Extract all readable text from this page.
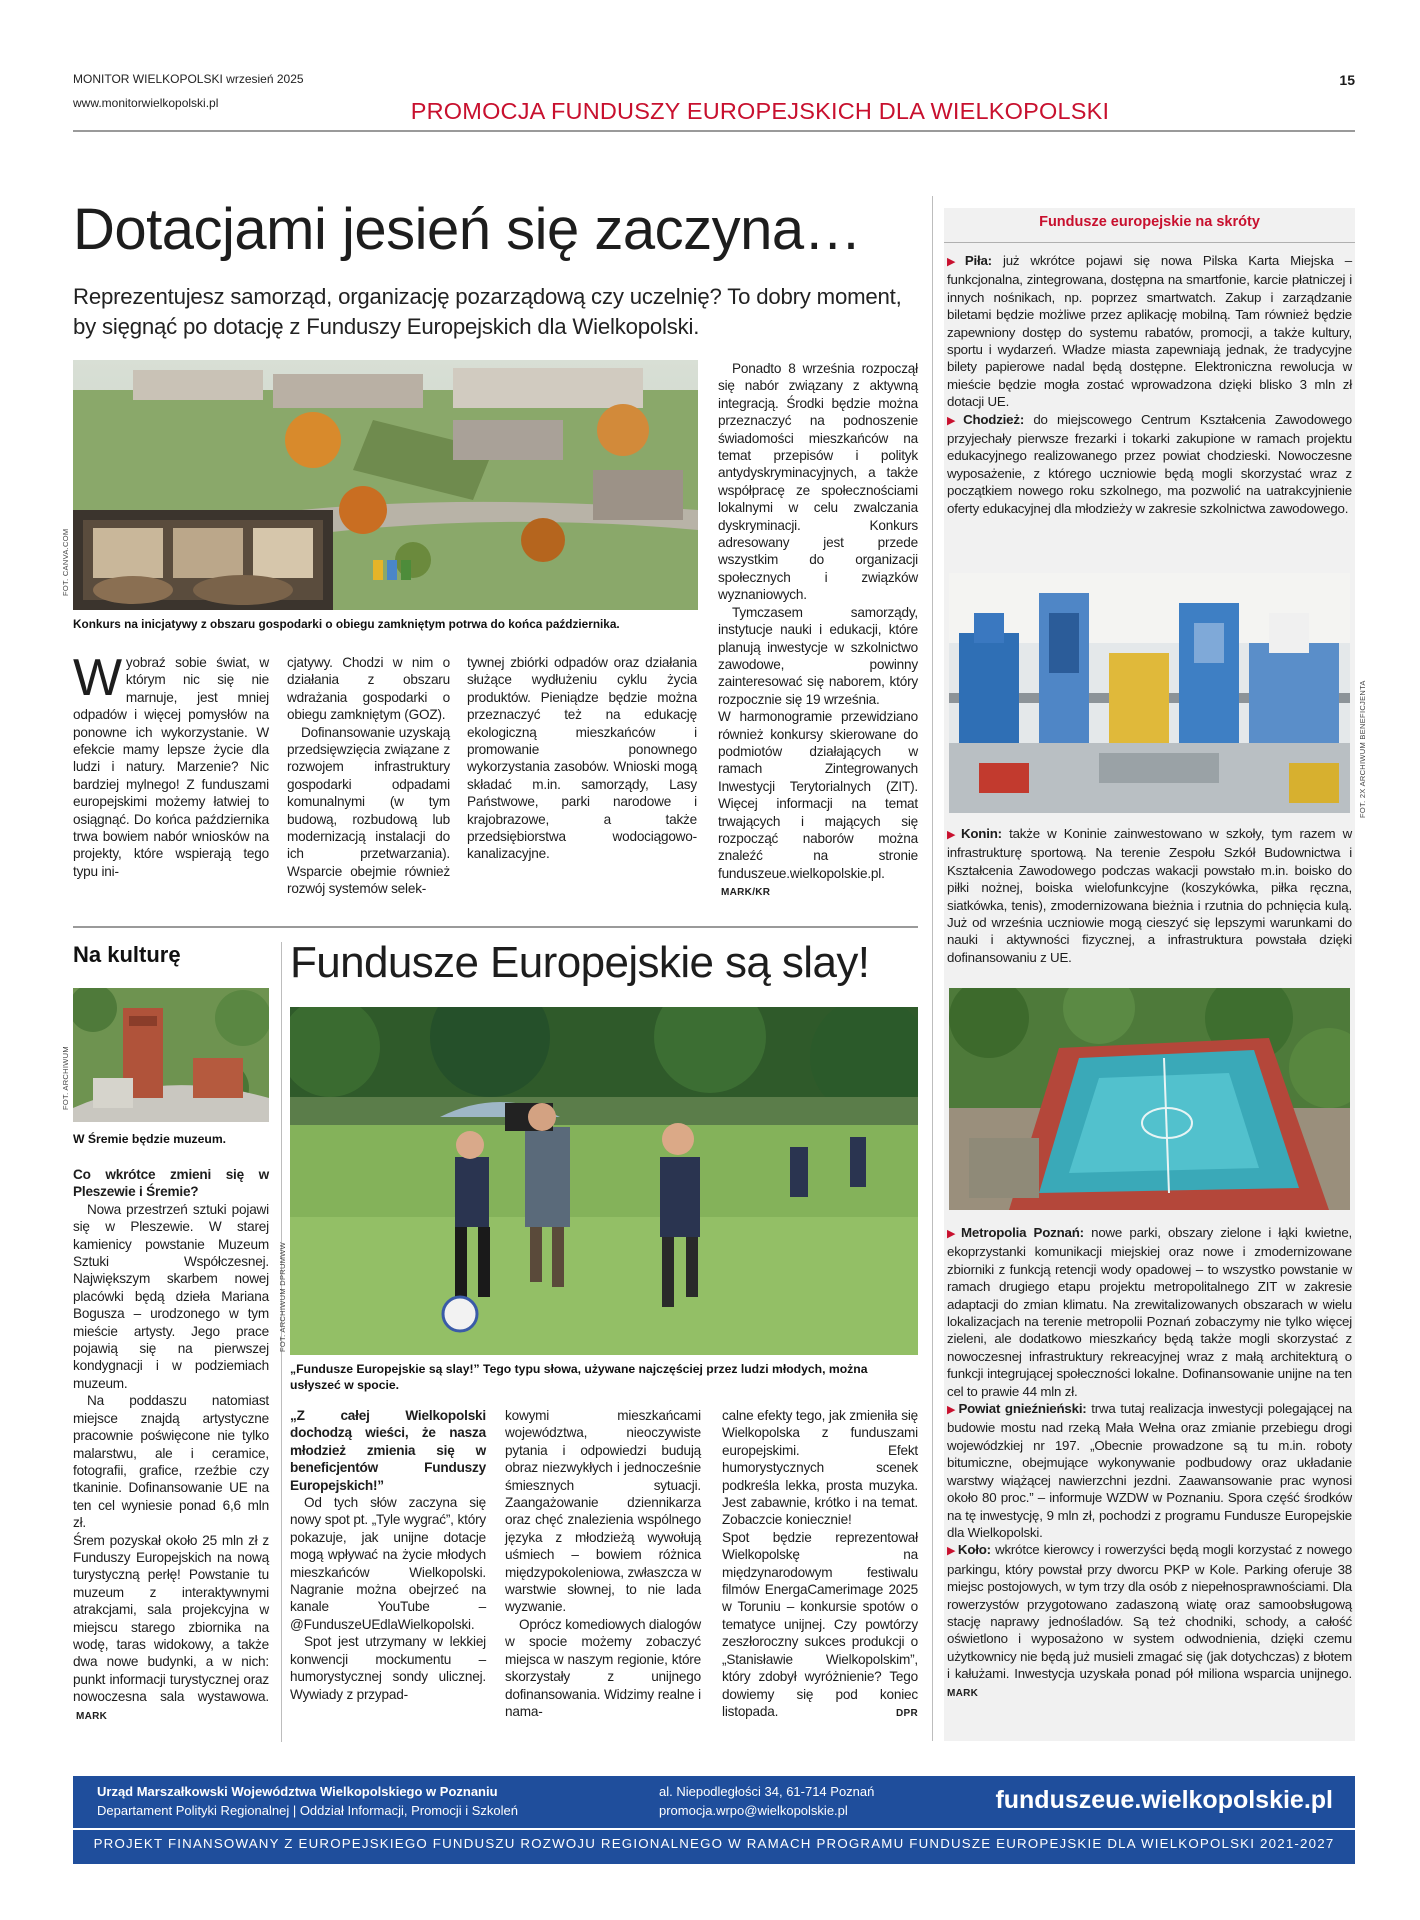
MONITOR WIELKOPOLSKI wrzesień 2025
www.monitorwielkopolski.pl	PROMOCJA FUNDUSZY EUROPEJSKICH DLA WIELKOPOLSKI
15
Dotacjami jesień się zaczyna…
Reprezentujesz samorząd, organizację pozarządową czy uczelnię? To dobry moment, by sięgnąć po dotację z Funduszy Europejskich dla Wielkopolski.
FOT. CANVA.COM
Konkurs na inicjatywy z obszaru gospodarki o obiegu zamkniętym potrwa do końca października.

Wyobraź sobie świat, w którym nic się nie marnuje, jest mniej odpadów i więcej pomysłów na ponowne ich wykorzystanie. W efekcie mamy lepsze życie dla ludzi i natury. Marzenie? Nic bardziej mylnego! Z funduszami europejskimi możemy łatwiej to osiągnąć. Do końca października trwa bowiem nabór wniosków na projekty, które wspierają tego typu ini-

cjatywy. Chodzi w nim o działania z obszaru wdrażania gospodarki o obiegu zamkniętym (GOZ).

Dofinansowanie uzyskają przedsięwzięcia związane z rozwojem infrastruktury gospodarki odpadami komunalnymi (w tym budową, rozbudową lub modernizacją instalacji do ich przetwarzania). Wsparcie obejmie również rozwój systemów selek-

tywnej zbiórki odpadów oraz działania służące wydłużeniu cyklu życia produktów. Pieniądze będzie można przeznaczyć też na edukację ekologiczną mieszkańców i promowanie ponownego wykorzystania zasobów. Wnioski mogą składać m.in. samorządy, Lasy Państwowe, parki narodowe i krajobrazowe, a także przedsiębiorstwa wodociągowo-kanalizacyjne.

Ponadto 8 września rozpoczął się nabór związany z aktywną integracją. Środki będzie można przeznaczyć na podnoszenie świadomości mieszkańców na temat przepisów i polityk antydyskryminacyjnych, a także współpracę ze społecznościami lokalnymi w celu zwalczania dyskryminacji. Konkurs adresowany jest przede wszystkim do organizacji społecznych i związków wyznaniowych.

Tymczasem samorządy, instytucje nauki i edukacji, które planują inwestycje w szkolnictwo zawodowe, powinny zainteresować się naborem, który rozpocznie się 19 września.

W harmonogramie przewidziano również konkursy skierowane do podmiotów działających w ramach Zintegrowanych Inwestycji Terytorialnych (ZIT). Więcej informacji na temat trwających i mających się rozpocząć naborów można znaleźć na stronie funduszeue.wielkopolskie.pl.

MARK/KR
Fundusze europejskie na skróty

▶ Piła: już wkrótce pojawi się nowa Pilska Karta Miejska – funkcjonalna, zintegrowana, dostępna na smartfonie, karcie płatniczej i innych nośnikach, np. poprzez smartwatch. Zakup i zarządzanie biletami będzie możliwe przez aplikację mobilną. Tam również będzie zapewniony dostęp do systemu rabatów, promocji, a także kultury, sportu i wydarzeń. Władze miasta zapewniają jednak, że tradycyjne bilety papierowe nadal będą dostępne. Elektroniczna rewolucja w mieście będzie mogła zostać wprowadzona dzięki blisko 3 mln zł dotacji UE.

▶ Chodzież: do miejscowego Centrum Kształcenia Zawodowego przyjechały pierwsze frezarki i tokarki zakupione w ramach projektu edukacyjnego realizowanego przez powiat chodzieski. Nowoczesne wyposażenie, z którego uczniowie będą mogli skorzystać wraz z początkiem nowego roku szkolnego, ma pozwolić na uatrakcyjnienie oferty edukacyjnej dla młodzieży w zakresie szkolnictwa zawodowego.

FOT. 2X ARCHIWUM BENEFICJENTA

▶ Konin: także w Koninie zainwestowano w szkoły, tym razem w infrastrukturę sportową. Na terenie Zespołu Szkół Budownictwa i Kształcenia Zawodowego podczas wakacji powstało m.in. boisko do piłki nożnej, boiska wielofunkcyjne (koszykówka, piłka ręczna, siatkówka, tenis), zmodernizowana bieżnia i rzutnia do pchnięcia kulą. Już od września uczniowie mogą cieszyć się lepszymi warunkami do nauki i aktywności fizycznej, a infrastruktura powstała dzięki dofinansowaniu z UE.

▶ Metropolia Poznań: nowe parki, obszary zielone i łąki kwietne, ekoprzystanki komunikacji miejskiej oraz nowe i zmodernizowane zbiorniki z funkcją retencji wody opadowej – to wszystko powstanie w ramach drugiego etapu projektu metropolitalnego ZIT w zakresie adaptacji do zmian klimatu. Na zrewitalizowanych obszarach w wielu lokalizacjach na terenie metropolii Poznań zobaczymy nie tylko więcej zieleni, ale dodatkowo mieszkańcy będą także mogli skorzystać z nowoczesnej infrastruktury rekreacyjnej wraz z małą architekturą o funkcji integrującej społeczności lokalne. Dofinansowanie unijne na ten cel to prawie 44 mln zł.

▶ Powiat gnieźnieński: trwa tutaj realizacja inwestycji polegającej na budowie mostu nad rzeką Mała Wełna oraz zmianie przebiegu drogi wojewódzkiej nr 197. „Obecnie prowadzone są tu m.in. roboty bitumiczne, obejmujące wykonywanie podbudowy oraz układanie warstwy wiążącej nawierzchni jezdni. Zaawansowanie prac wynosi około 80 proc.” – informuje WZDW w Poznaniu. Spora część środków na tę inwestycję, 9 mln zł, pochodzi z programu Fundusze Europejskie dla Wielkopolski.

▶ Koło: wkrótce kierowcy i rowerzyści będą mogli korzystać z nowego parkingu, który powstał przy dworcu PKP w Kole. Parking oferuje 38 miejsc postojowych, w tym trzy dla osób z niepełnosprawnościami. Dla rowerzystów przygotowano zadaszoną wiatę oraz samoobsługową stację naprawy jednośladów. Są też chodniki, schody, a całość oświetlono i wyposażono w system odwodnienia, dzięki czemu użytkownicy nie będą już musieli zmagać się (jak dotychczas) z błotem i kałużami. Inwestycja uzyskała ponad pół miliona wsparcia unijnego. MARK

Na kulturę
FOT. ARCHIWUM
W Śremie będzie muzeum.

Co wkrótce zmieni się w Pleszewie i Śremie?

Nowa przestrzeń sztuki pojawi się w Pleszewie. W starej kamienicy powstanie Muzeum Sztuki Współczesnej. Największym skarbem nowej placówki będą dzieła Mariana Bogusza – urodzonego w tym mieście artysty. Jego prace pojawią się na pierwszej kondygnacji i w podziemiach muzeum.

Na poddaszu natomiast miejsce znajdą artystyczne pracownie poświęcone nie tylko malarstwu, ale i ceramice, fotografii, grafice, rzeźbie czy tkaninie. Dofinansowanie UE na ten cel wyniesie ponad 6,6 mln zł.

Śrem pozyskał około 25 mln zł z Funduszy Europejskich na nową turystyczną perłę! Powstanie tu muzeum z interaktywnymi atrakcjami, sala projekcyjna w miejscu starego zbiornika na wodę, taras widokowy, a także dwa nowe budynki, a w nich: punkt informacji turystycznej oraz nowoczesna sala wystawowa.

MARK
Fundusze Europejskie są slay!
FOT. ARCHIWUM DPRUMWW
„Fundusze Europejskie są slay!” Tego typu słowa, używane najczęściej przez ludzi młodych, można usłyszeć w spocie.

„Z całej Wielkopolski dochodzą wieści, że nasza młodzież zmienia się w beneficjentów Funduszy Europejskich!”

Od tych słów zaczyna się nowy spot pt. „Tyle wygrać”, który pokazuje, jak unijne dotacje mogą wpływać na życie młodych mieszkańców Wielkopolski. Nagranie można obejrzeć na kanale YouTube – @FunduszeUEdlaWielkopolski.

Spot jest utrzymany w lekkiej konwencji mockumentu – humorystycznej sondy ulicznej. Wywiady z przypad-

kowymi mieszkańcami województwa, nieoczywiste pytania i odpowiedzi budują obraz niezwykłych i jednocześnie śmiesznych sytuacji. Zaangażowanie dziennikarza oraz chęć znalezienia wspólnego języka z młodzieżą wywołują uśmiech – bowiem różnica międzypokoleniowa, zwłaszcza w warstwie słownej, to nie lada wyzwanie.

Oprócz komediowych dialogów w spocie możemy zobaczyć miejsca w naszym regionie, które skorzystały z unijnego dofinansowania. Widzimy realne i nama-

calne efekty tego, jak zmieniła się Wielkopolska z funduszami europejskimi. Efekt humorystycznych scenek podkreśla lekka, prosta muzyka. Jest zabawnie, krótko i na temat. Zobaczcie koniecznie!

Spot będzie reprezentował Wielkopolskę na międzynarodowym festiwalu filmów EnergaCamerimage 2025 w Toruniu – konkursie spotów o tematyce unijnej. Czy powtórzy zeszłoroczny sukces produkcji o „Stanisławie Wielkopolskim”, który zdobył wyróżnienie? Tego dowiemy się pod koniec listopada.	DPR
Urząd Marszałkowski Województwa Wielkopolskiego w Poznaniu
Departament Polityki Regionalnej | Oddział Informacji, Promocji i Szkoleń
al. Niepodległości 34, 61-714 Poznań
promocja.wrpo@wielkopolskie.pl	funduszeue.wielkopolskie.pl
PROJEKT FINANSOWANY Z EUROPEJSKIEGO FUNDUSZU ROZWOJU REGIONALNEGO W RAMACH PROGRAMU FUNDUSZE EUROPEJSKIE DLA WIELKOPOLSKI 2021-2027
